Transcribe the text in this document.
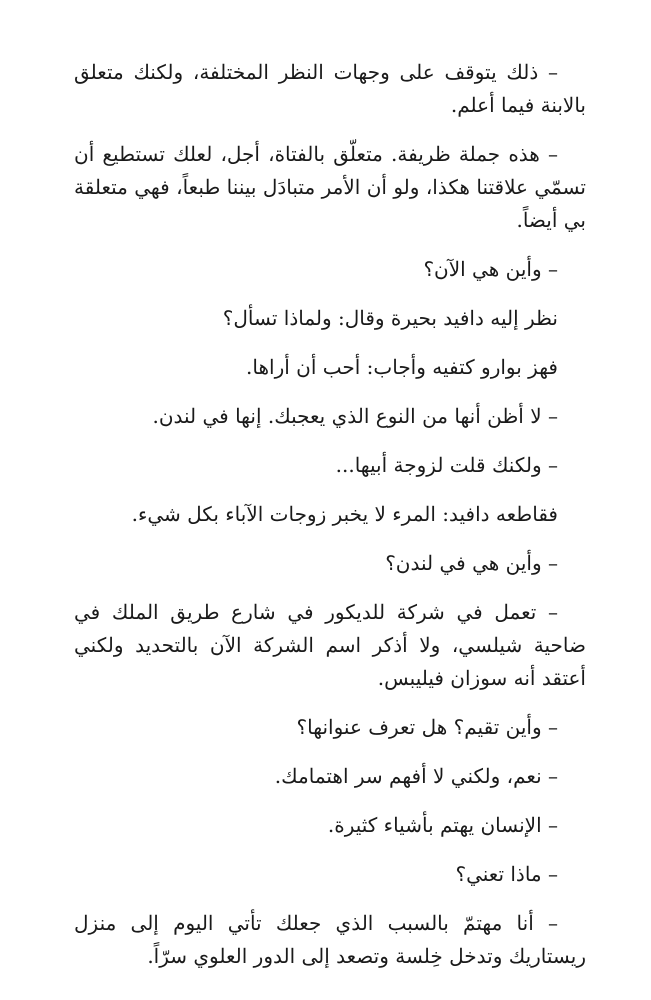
– ذلك يتوقف على وجهات النظر المختلفة، ولكنك متعلق بالابنة فيما أعلم.

– هذه جملة ظريفة. متعلّق بالفتاة، أجل، لعلك تستطيع أن تسمّي علاقتنا هكذا، ولو أن الأمر متبادَل بيننا طبعاً، فهي متعلقة بي أيضاً.

– وأين هي الآن؟

نظر إليه دافيد بحيرة وقال: ولماذا تسأل؟

فهز بوارو كتفيه وأجاب: أحب أن أراها.

– لا أظن أنها من النوع الذي يعجبك. إنها في لندن.

– ولكنك قلت لزوجة أبيها...

فقاطعه دافيد: المرء لا يخبر زوجات الآباء بكل شيء.

– وأين هي في لندن؟

– تعمل في شركة للديكور في شارع طريق الملك في ضاحية شيلسي، ولا أذكر اسم الشركة الآن بالتحديد ولكني أعتقد أنه سوزان فيليبس.

– وأين تقيم؟ هل تعرف عنوانها؟

– نعم، ولكني لا أفهم سر اهتمامك.

– الإنسان يهتم بأشياء كثيرة.

– ماذا تعني؟

– أنا مهتمّ بالسبب الذي جعلك تأتي اليوم إلى منزل ريستاريك وتدخل خِلسة وتصعد إلى الدور العلوي سرّاً.
